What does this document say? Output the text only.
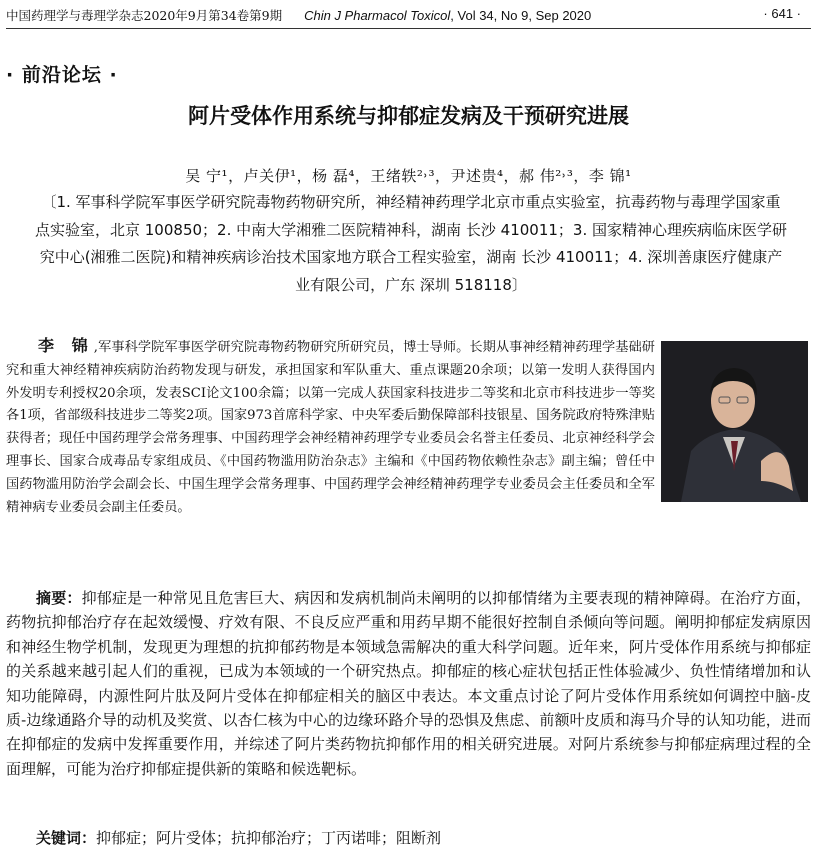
中国药理学与毒理学杂志2020年9月第34卷第9期 Chin J Pharmacol Toxicol, Vol 34, No 9, Sep 2020	· 641 ·
· 前沿论坛 ·
阿片受体作用系统与抑郁症发病及干预研究进展
吴 宁¹，卢关伊¹，杨 磊⁴，王绪轶²˒³，尹述贵⁴，郝 伟²˒³，李 锦¹
〔1. 军事科学院军事医学研究院毒物药物研究所，神经精神药理学北京市重点实验室，抗毒药物与毒理学国家重点实验室，北京 100850；2. 中南大学湘雅二医院精神科，湖南 长沙 410011；3. 国家精神心理疾病临床医学研究中心(湘雅二医院)和精神疾病诊治技术国家地方联合工程实验室，湖南 长沙 410011；4. 深圳善康医疗健康产业有限公司，广东 深圳 518118〕
李 锦,军事科学院军事医学研究院毒物药物研究所研究员，博士导师。长期从事神经精神药理学基础研究和重大神经精神疾病防治药物发现与研发，承担国家和军队重大、重点课题20余项；以第一发明人获得国内外发明专利授权20余项，发表SCI论文100余篇；以第一完成人获国家科技进步二等奖和北京市科技进步一等奖各1项，省部级科技进步二等奖2项。国家973首席科学家、中央军委后勤保障部科技银星、国务院政府特殊津贴获得者；现任中国药理学会常务理事、中国药理学会神经精神药理学专业委员会名誉主任委员、北京神经科学会理事长、国家合成毒品专家组成员、《中国药物滥用防治杂志》主编和《中国药物依赖性杂志》副主编；曾任中国药物滥用防治学会副会长、中国生理学会常务理事、中国药理学会神经精神药理学专业委员会主任委员和全军精神病专业委员会副主任委员。
摘要：抑郁症是一种常见且危害巨大、病因和发病机制尚未阐明的以抑郁情绪为主要表现的精神障碍。在治疗方面，药物抗抑郁治疗存在起效缓慢、疗效有限、不良反应严重和用药早期不能很好控制自杀倾向等问题。阐明抑郁症发病原因和神经生物学机制，发现更为理想的抗抑郁药物是本领域急需解决的重大科学问题。近年来，阿片受体作用系统与抑郁症的关系越来越引起人们的重视，已成为本领域的一个研究热点。抑郁症的核心症状包括正性体验减少、负性情绪增加和认知功能障碍，内源性阿片肽及阿片受体在抑郁症相关的脑区中表达。本文重点讨论了阿片受体作用系统如何调控中脑-皮质-边缘通路介导的动机及奖赏、以杏仁核为中心的边缘环路介导的恐惧及焦虑、前额叶皮质和海马介导的认知功能，进而在抑郁症的发病中发挥重要作用，并综述了阿片类药物抗抑郁作用的相关研究进展。对阿片系统参与抑郁症病理过程的全面理解，可能为治疗抑郁症提供新的策略和候选靶标。
关键词：抑郁症；阿片受体；抗抑郁治疗；丁丙诺啡；阻断剂
